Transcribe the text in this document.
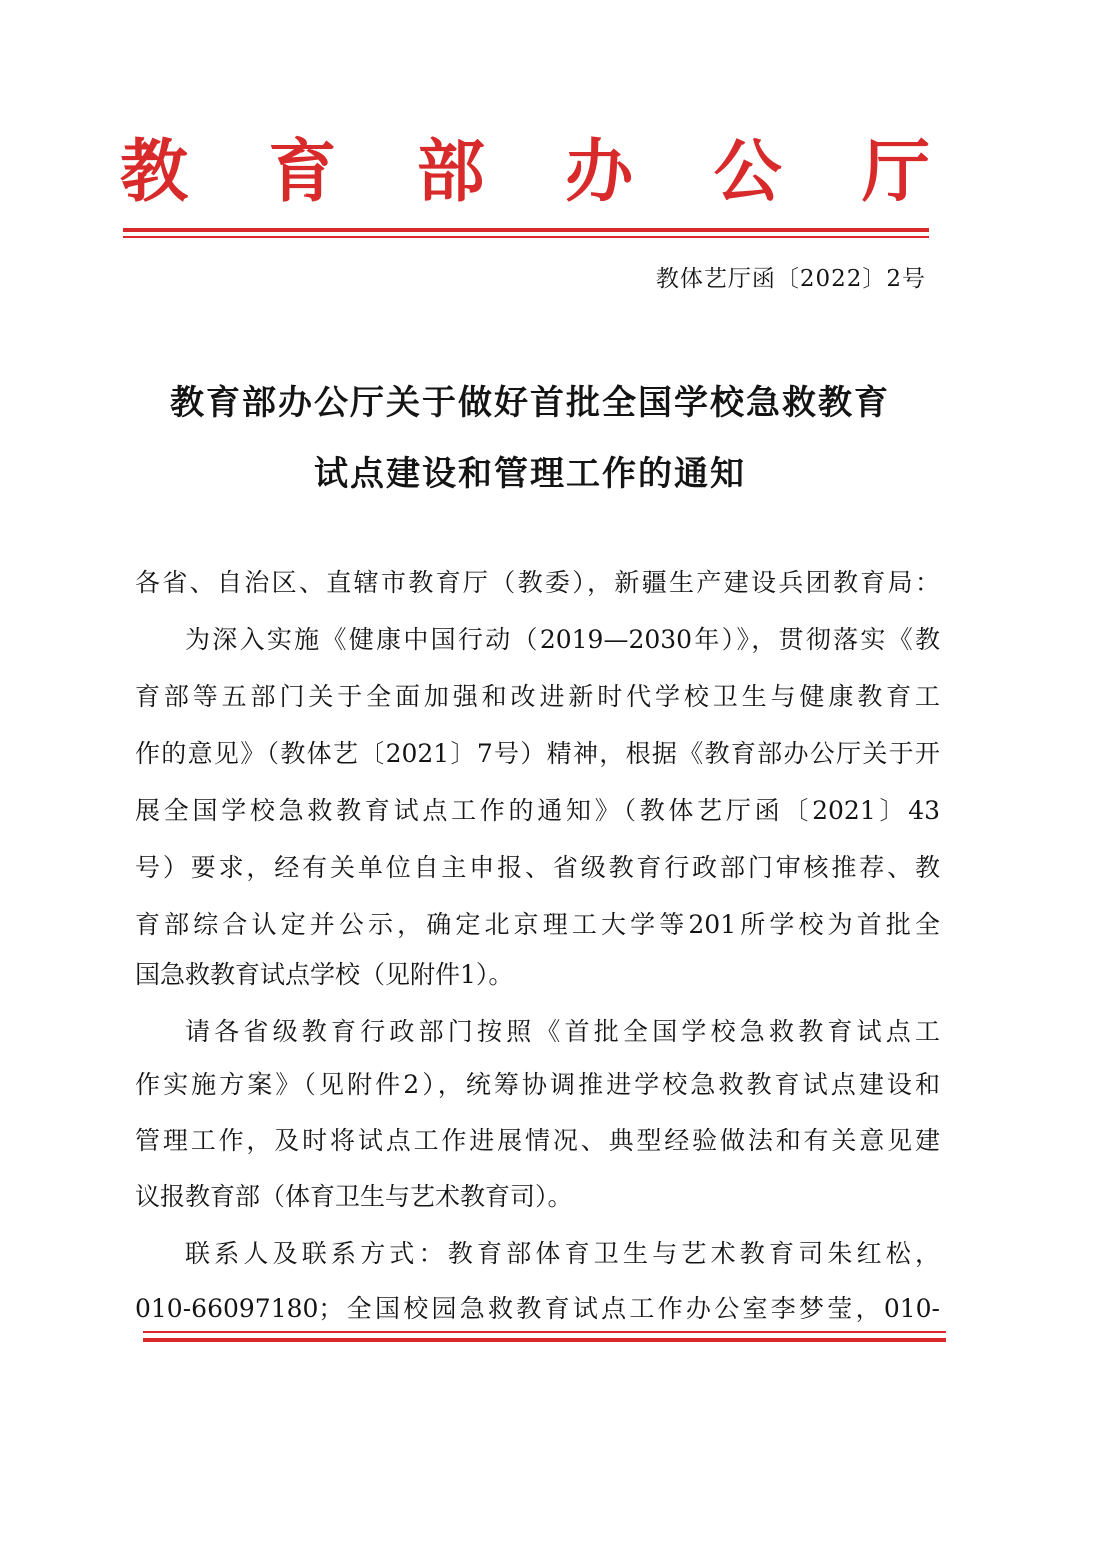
教 育 部 办 公 厅
教体艺厅函〔2022〕2号
教育部办公厅关于做好首批全国学校急救教育
试点建设和管理工作的通知
各省、自治区、直辖市教育厅（教委），新疆生产建设兵团教育局：
为深入实施《健康中国行动（2019—2030年）》，贯彻落实《教
育部等五部门关于全面加强和改进新时代学校卫生与健康教育工
作的意见》（教体艺〔2021〕7号）精神，根据《教育部办公厅关于开
展全国学校急救教育试点工作的通知》（教体艺厅函〔2021〕43
号）要求，经有关单位自主申报、省级教育行政部门审核推荐、教
育部综合认定并公示，确定北京理工大学等201所学校为首批全
国急救教育试点学校（见附件1）。
请各省级教育行政部门按照《首批全国学校急救教育试点工
作实施方案》（见附件2），统筹协调推进学校急救教育试点建设和
管理工作，及时将试点工作进展情况、典型经验做法和有关意见建
议报教育部（体育卫生与艺术教育司）。
联系人及联系方式：教育部体育卫生与艺术教育司朱红松，
010-66097180；全国校园急救教育试点工作办公室李梦莹，010-
